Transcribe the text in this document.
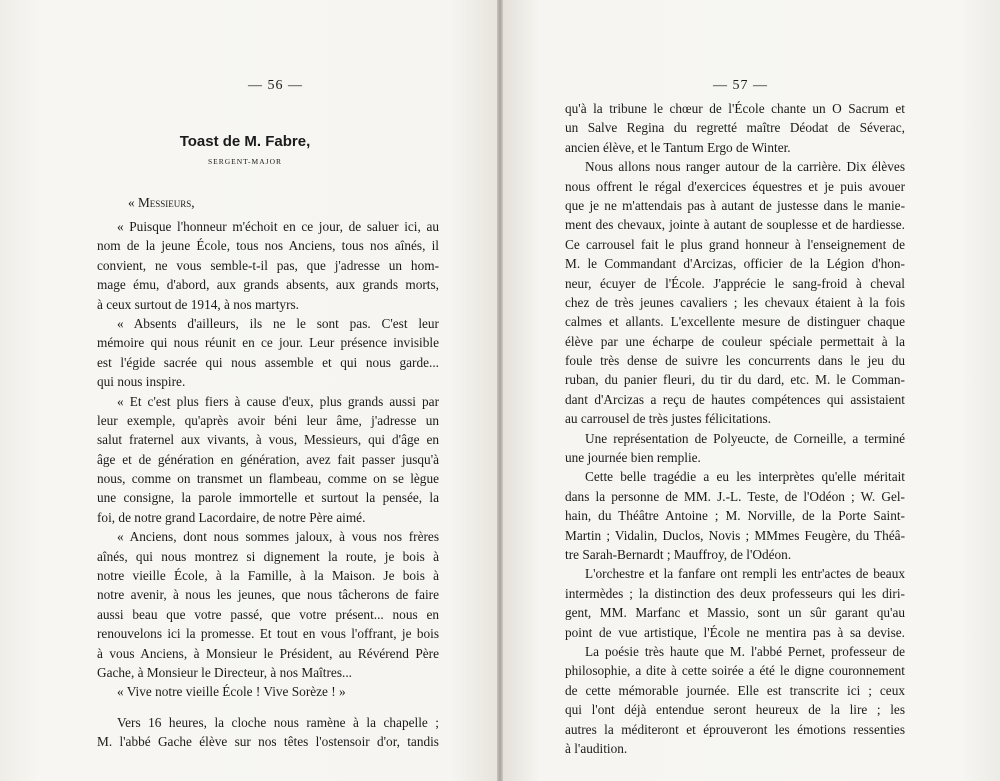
— 56 —
Toast de M. Fabre,
SERGENT-MAJOR
« Messieurs,
« Puisque l'honneur m'échoit en ce jour, de saluer ici, au
nom de la jeune École, tous nos Anciens, tous nos aînés, il
convient, ne vous semble-t-il pas, que j'adresse un hom-
mage ému, d'abord, aux grands absents, aux grands morts,
à ceux surtout de 1914, à nos martyrs.
« Absents d'ailleurs, ils ne le sont pas. C'est leur
mémoire qui nous réunit en ce jour. Leur présence invisible
est l'égide sacrée qui nous assemble et qui nous garde...
qui nous inspire.
« Et c'est plus fiers à cause d'eux, plus grands aussi par
leur exemple, qu'après avoir béni leur âme, j'adresse un
salut fraternel aux vivants, à vous, Messieurs, qui d'âge en
âge et de génération en génération, avez fait passer jusqu'à
nous, comme on transmet un flambeau, comme on se lègue
une consigne, la parole immortelle et surtout la pensée, la
foi, de notre grand Lacordaire, de notre Père aimé.
« Anciens, dont nous sommes jaloux, à vous nos frères
aînés, qui nous montrez si dignement la route, je bois à
notre vieille École, à la Famille, à la Maison. Je bois à
notre avenir, à nous les jeunes, que nous tâcherons de faire
aussi beau que votre passé, que votre présent... nous en
renouvelons ici la promesse. Et tout en vous l'offrant, je bois
à vous Anciens, à Monsieur le Président, au Révérend Père
Gache, à Monsieur le Directeur, à nos Maîtres...
« Vive notre vieille École ! Vive Sorèze ! »
Vers 16 heures, la cloche nous ramène à la chapelle ;
M. l'abbé Gache élève sur nos têtes l'ostensoir d'or, tandis
— 57 —
qu'à la tribune le chœur de l'École chante un O Sacrum et
un Salve Regina du regretté maître Déodat de Séverac,
ancien élève, et le Tantum Ergo de Winter.
Nous allons nous ranger autour de la carrière. Dix élèves
nous offrent le régal d'exercices équestres et je puis avouer
que je ne m'attendais pas à autant de justesse dans le manie-
ment des chevaux, jointe à autant de souplesse et de hardiesse.
Ce carrousel fait le plus grand honneur à l'enseignement de
M. le Commandant d'Arcizas, officier de la Légion d'hon-
neur, écuyer de l'École. J'apprécie le sang-froid à cheval
chez de très jeunes cavaliers ; les chevaux étaient à la fois
calmes et allants. L'excellente mesure de distinguer chaque
élève par une écharpe de couleur spéciale permettait à la
foule très dense de suivre les concurrents dans le jeu du
ruban, du panier fleuri, du tir du dard, etc. M. le Comman-
dant d'Arcizas a reçu de hautes compétences qui assistaient
au carrousel de très justes félicitations.
Une représentation de Polyeucte, de Corneille, a terminé
une journée bien remplie.
Cette belle tragédie a eu les interprètes qu'elle méritait
dans la personne de MM. J.-L. Teste, de l'Odéon ; W. Gel-
hain, du Théâtre Antoine ; M. Norville, de la Porte Saint-
Martin ; Vidalin, Duclos, Novis ; MMmes Feugère, du Théâ-
tre Sarah-Bernardt ; Mauffroy, de l'Odéon.
L'orchestre et la fanfare ont rempli les entr'actes de beaux
intermèdes ; la distinction des deux professeurs qui les diri-
gent, MM. Marfanc et Massio, sont un sûr garant qu'au
point de vue artistique, l'École ne mentira pas à sa devise.
La poésie très haute que M. l'abbé Pernet, professeur de
philosophie, a dite à cette soirée a été le digne couronnement
de cette mémorable journée. Elle est transcrite ici ; ceux
qui l'ont déjà entendue seront heureux de la lire ; les
autres la méditeront et éprouveront les émotions ressenties
à l'audition.
